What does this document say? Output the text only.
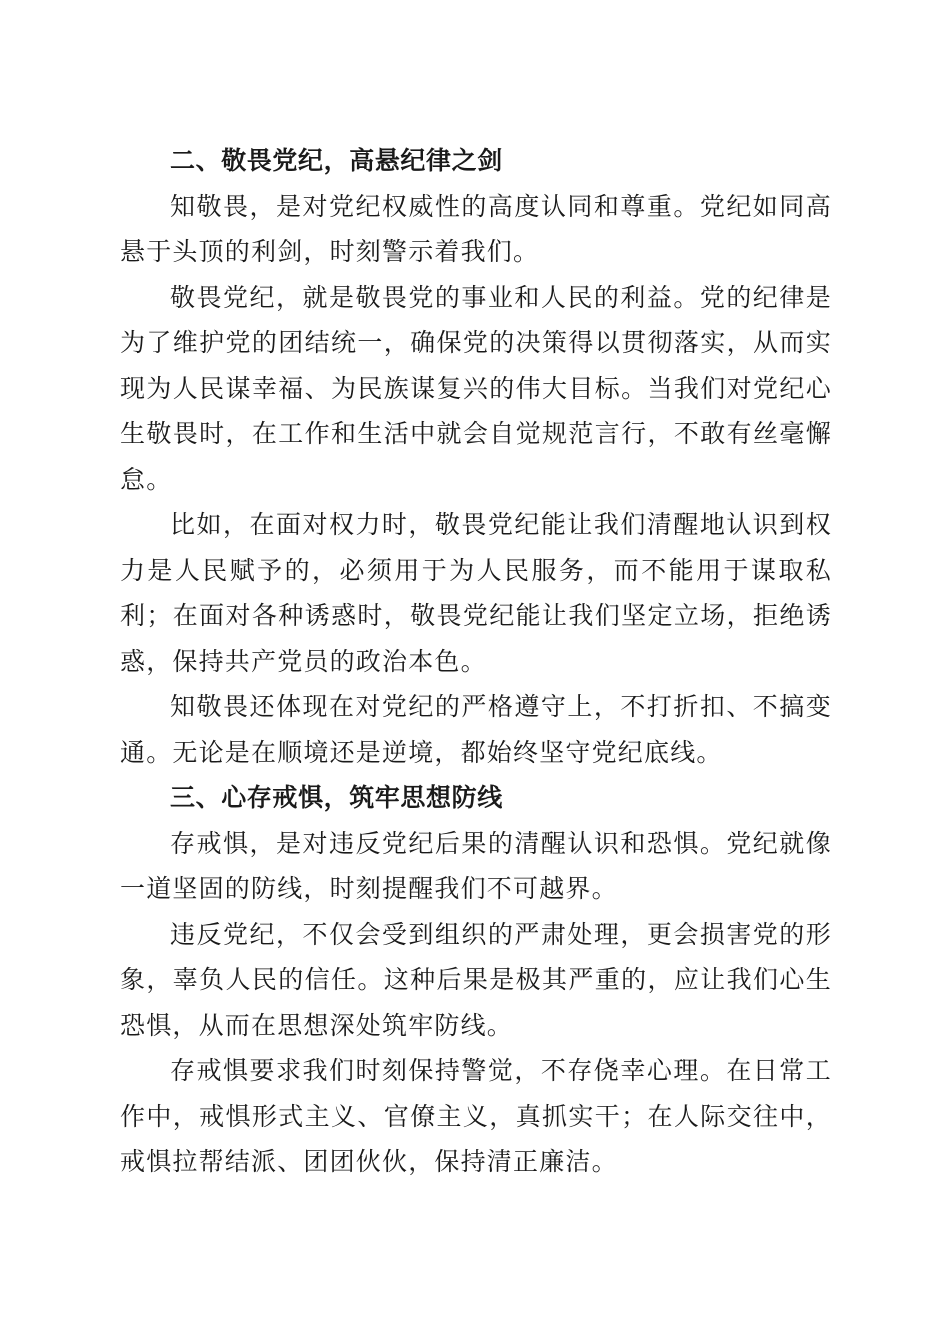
二、敬畏党纪，高悬纪律之剑

知敬畏，是对党纪权威性的高度认同和尊重。党纪如同高悬于头顶的利剑，时刻警示着我们。

敬畏党纪，就是敬畏党的事业和人民的利益。党的纪律是为了维护党的团结统一，确保党的决策得以贯彻落实，从而实现为人民谋幸福、为民族谋复兴的伟大目标。当我们对党纪心生敬畏时，在工作和生活中就会自觉规范言行，不敢有丝毫懈怠。

比如，在面对权力时，敬畏党纪能让我们清醒地认识到权力是人民赋予的，必须用于为人民服务，而不能用于谋取私利；在面对各种诱惑时，敬畏党纪能让我们坚定立场，拒绝诱惑，保持共产党员的政治本色。

知敬畏还体现在对党纪的严格遵守上，不打折扣、不搞变通。无论是在顺境还是逆境，都始终坚守党纪底线。

三、心存戒惧，筑牢思想防线

存戒惧，是对违反党纪后果的清醒认识和恐惧。党纪就像一道坚固的防线，时刻提醒我们不可越界。

违反党纪，不仅会受到组织的严肃处理，更会损害党的形象，辜负人民的信任。这种后果是极其严重的，应让我们心生恐惧，从而在思想深处筑牢防线。

存戒惧要求我们时刻保持警觉，不存侥幸心理。在日常工作中，戒惧形式主义、官僚主义，真抓实干；在人际交往中，戒惧拉帮结派、团团伙伙，保持清正廉洁。
